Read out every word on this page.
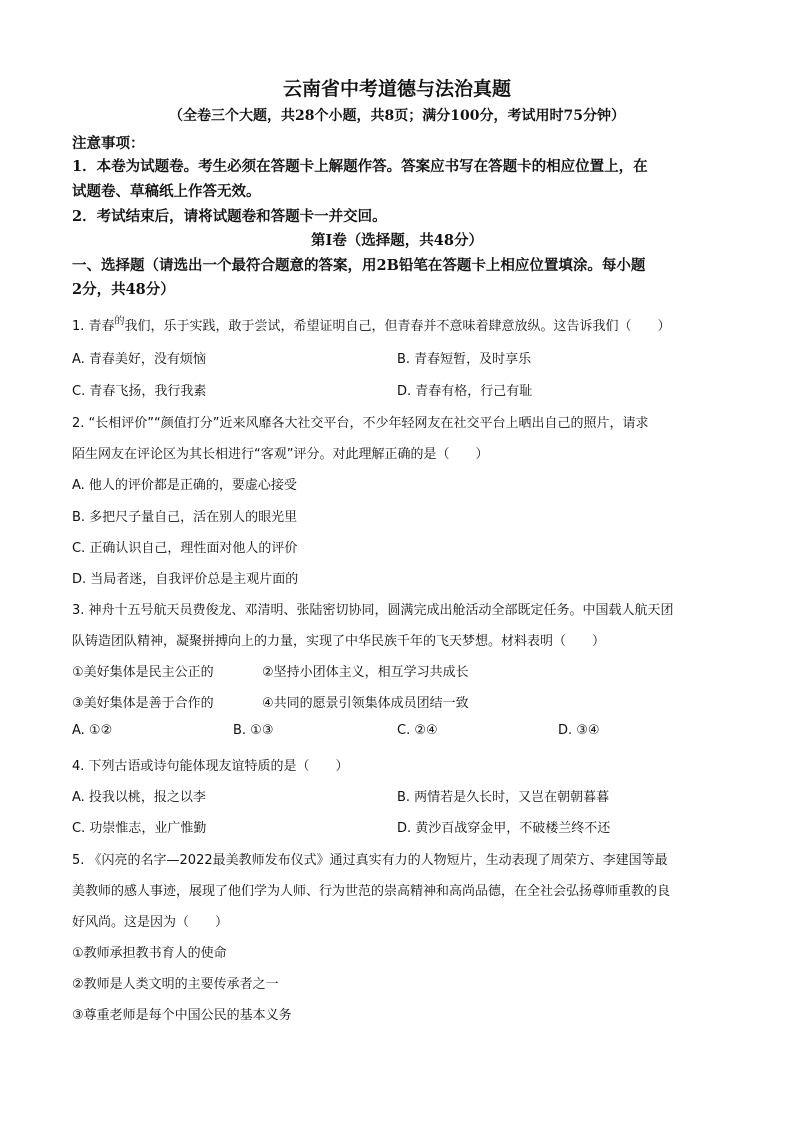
云南省中考道德与法治真题
（全卷三个大题，共28个小题，共8页；满分100分，考试用时75分钟）
注意事项：
1．本卷为试题卷。考生必须在答题卡上解题作答。答案应书写在答题卡的相应位置上，在
试题卷、草稿纸上作答无效。
2．考试结束后，请将试题卷和答题卡一并交回。
第Ⅰ卷（选择题，共48分）
一、选择题（请选出一个最符合题意的答案，用2B铅笔在答题卡上相应位置填涂。每小题
2分，共48分）
1. 青春$^的$我们，乐于实践，敢于尝试，希望证明自己，但青春并不意味着肆意放纵。这告诉我们（　　）
A. 青春美好，没有烦恼	B. 青春短暂，及时享乐
C. 青春飞扬，我行我素	D. 青春有格，行己有耻
2. “长相评价”“颜值打分”近来风靡各大社交平台，不少年轻网友在社交平台上晒出自己的照片，请求
陌生网友在评论区为其长相进行“客观”评分。对此理解正确的是（　　）
A. 他人的评价都是正确的，要虚心接受
B. 多把尺子量自己，活在别人的眼光里
C. 正确认识自己，理性面对他人的评价
D. 当局者迷，自我评价总是主观片面的
3. 神舟十五号航天员费俊龙、邓清明、张陆密切协同，圆满完成出舱活动全部既定任务。中国载人航天团
队铸造团队精神，凝聚拼搏向上的力量，实现了中华民族千年的飞天梦想。材料表明（　　）
①美好集体是民主公正的	②坚持小团体主义，相互学习共成长
③美好集体是善于合作的	④共同的愿景引领集体成员团结一致
A. ①②	B. ①③	C. ②④	D. ③④
4. 下列古语或诗句能体现友谊特质的是（　　）
A. 投我以桃，报之以李	B. 两情若是久长时，又岂在朝朝暮暮
C. 功崇惟志，业广惟勤	D. 黄沙百战穿金甲，不破楼兰终不还
5. 《闪亮的名字—2022最美教师发布仪式》通过真实有力的人物短片，生动表现了周荣方、李建国等最
美教师的感人事迹，展现了他们学为人师、行为世范的崇高精神和高尚品德，在全社会弘扬尊师重教的良
好风尚。这是因为（　　）
①教师承担教书育人的使命
②教师是人类文明的主要传承者之一
③尊重老师是每个中国公民的基本义务
